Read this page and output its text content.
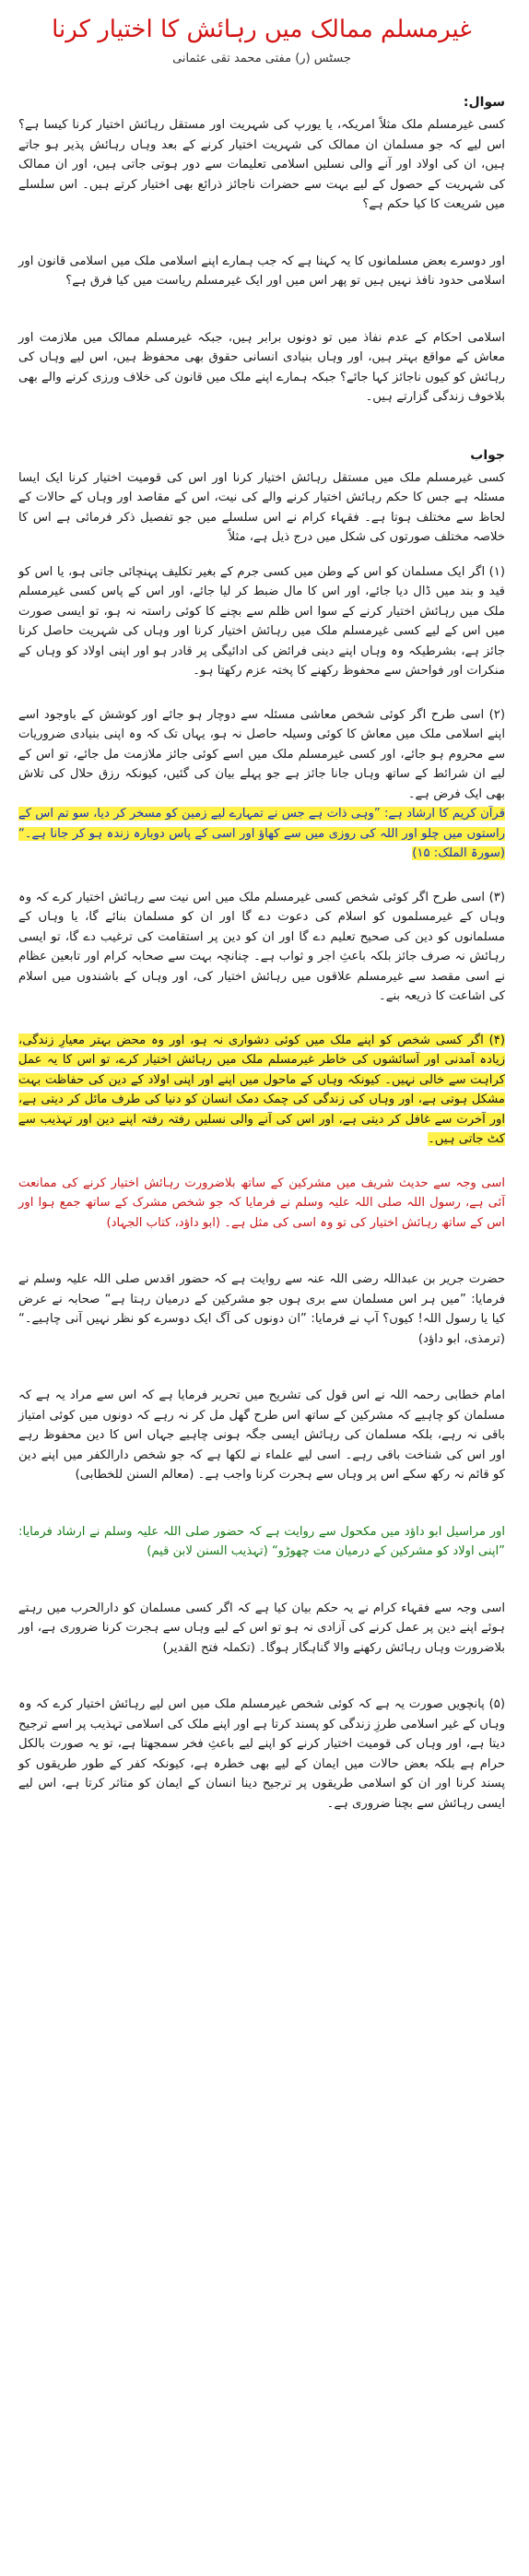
غیرمسلم ممالک میں رہائش کا اختیار کرنا
جسٹس (ر) مفتی محمد تقی عثمانی
سوال:

کسی غیرمسلم ملک مثلاً امریکہ، یا یورپ کی شہریت اور مستقل رہائش اختیار کرنا کیسا ہے؟ اس لیے کہ جو مسلمان ان ممالک کی شہریت اختیار کرنے کے بعد وہاں رہائش پذیر ہو جاتے ہیں، ان کی اولاد اور آنے والی نسلیں اسلامی تعلیمات سے دور ہوتی جاتی ہیں، اور ان ممالک کی شہریت کے حصول کے لیے بہت سے حضرات ناجائز ذرائع بھی اختیار کرتے ہیں۔ اس سلسلے میں شریعت کا کیا حکم ہے؟

اور دوسرے بعض مسلمانوں کا یہ کہنا ہے کہ جب ہمارے اپنے اسلامی ملک میں اسلامی قانون اور اسلامی حدود نافذ نہیں ہیں تو پھر اس میں اور ایک غیرمسلم ریاست میں کیا فرق ہے؟

اسلامی احکام کے عدم نفاذ میں تو دونوں برابر ہیں، جبکہ غیرمسلم ممالک میں ملازمت اور معاش کے مواقع بہتر ہیں، اور وہاں بنیادی انسانی حقوق بھی محفوظ ہیں، اس لیے وہاں کی رہائش کو کیوں ناجائز کہا جائے؟ جبکہ ہمارے اپنے ملک میں قانون کی خلاف ورزی کرنے والے بھی بلاخوف زندگی گزارتے ہیں۔

جواب

کسی غیرمسلم ملک میں مستقل رہائش اختیار کرنا اور اس کی قومیت اختیار کرنا ایک ایسا مسئلہ ہے جس کا حکم رہائش اختیار کرنے والے کی نیت، اس کے مقاصد اور وہاں کے حالات کے لحاظ سے مختلف ہوتا ہے۔ فقہاء کرام نے اس سلسلے میں جو تفصیل ذکر فرمائی ہے اس کا خلاصہ مختلف صورتوں کی شکل میں درج ذیل ہے، مثلاً

(۱) اگر ایک مسلمان کو اس کے وطن میں کسی جرم کے بغیر تکلیف پہنچائی جاتی ہو، یا اس کو قید و بند میں ڈال دیا جائے، اور اس کا مال ضبط کر لیا جائے، اور اس کے پاس کسی غیرمسلم ملک میں رہائش اختیار کرنے کے سوا اس ظلم سے بچنے کا کوئی راستہ نہ ہو، تو ایسی صورت میں اس کے لیے کسی غیرمسلم ملک میں رہائش اختیار کرنا اور وہاں کی شہریت حاصل کرنا جائز ہے، بشرطیکہ وہ وہاں اپنے دینی فرائض کی ادائیگی پر قادر ہو اور اپنی اولاد کو وہاں کے منکرات اور فواحش سے محفوظ رکھنے کا پختہ عزم رکھتا ہو۔

(۲) اسی طرح اگر کوئی شخص معاشی مسئلہ سے دوچار ہو جائے اور کوشش کے باوجود اسے اپنے اسلامی ملک میں معاش کا کوئی وسیلہ حاصل نہ ہو، یہاں تک کہ وہ اپنی بنیادی ضروریات سے محروم ہو جائے، اور کسی غیرمسلم ملک میں اسے کوئی جائز ملازمت مل جائے، تو اس کے لیے ان شرائط کے ساتھ وہاں جانا جائز ہے جو پہلے بیان کی گئیں، کیونکہ رزق حلال کی تلاش بھی ایک فرض ہے۔

قرآن کریم کا ارشاد ہے: ”وہی ذات ہے جس نے تمہارے لیے زمین کو مسخر کر دیا، سو تم اس کے راستوں میں چلو اور اللہ کی روزی میں سے کھاؤ اور اسی کے پاس دوبارہ زندہ ہو کر جانا ہے۔“ (سورۃ الملک: ۱۵)

(۳) اسی طرح اگر کوئی شخص کسی غیرمسلم ملک میں اس نیت سے رہائش اختیار کرے کہ وہ وہاں کے غیرمسلموں کو اسلام کی دعوت دے گا اور ان کو مسلمان بنائے گا، یا وہاں کے مسلمانوں کو دین کی صحیح تعلیم دے گا اور ان کو دین پر استقامت کی ترغیب دے گا، تو ایسی رہائش نہ صرف جائز بلکہ باعثِ اجر و ثواب ہے۔ چنانچہ بہت سے صحابہ کرام اور تابعین عظام نے اسی مقصد سے غیرمسلم علاقوں میں رہائش اختیار کی، اور وہاں کے باشندوں میں اسلام کی اشاعت کا ذریعہ بنے۔

(۴) اگر کسی شخص کو اپنے ملک میں کوئی دشواری نہ ہو، اور وہ محض بہتر معیارِ زندگی، زیادہ آمدنی اور آسائشوں کی خاطر غیرمسلم ملک میں رہائش اختیار کرے، تو اس کا یہ عمل کراہت سے خالی نہیں۔ کیونکہ وہاں کے ماحول میں اپنے اور اپنی اولاد کے دین کی حفاظت بہت مشکل ہوتی ہے، اور وہاں کی زندگی کی چمک دمک انسان کو دنیا کی طرف مائل کر دیتی ہے، اور آخرت سے غافل کر دیتی ہے، اور اس کی آنے والی نسلیں رفتہ رفتہ اپنے دین اور تہذیب سے کٹ جاتی ہیں۔

اسی وجہ سے حدیث شریف میں مشرکین کے ساتھ بلاضرورت رہائش اختیار کرنے کی ممانعت آئی ہے، رسول اللہ صلی اللہ علیہ وسلم نے فرمایا کہ جو شخص مشرک کے ساتھ جمع ہوا اور اس کے ساتھ رہائش اختیار کی تو وہ اسی کی مثل ہے۔ (ابو داؤد، کتاب الجہاد)

حضرت جریر بن عبداللہ رضی اللہ عنہ سے روایت ہے کہ حضور اقدس صلی اللہ علیہ وسلم نے فرمایا: ”میں ہر اس مسلمان سے بری ہوں جو مشرکین کے درمیان رہتا ہے“ صحابہ نے عرض کیا یا رسول اللہ! کیوں؟ آپ نے فرمایا: ”ان دونوں کی آگ ایک دوسرے کو نظر نہیں آنی چاہیے۔“ (ترمذی، ابو داؤد)

امام خطابی رحمہ اللہ نے اس قول کی تشریح میں تحریر فرمایا ہے کہ اس سے مراد یہ ہے کہ مسلمان کو چاہیے کہ مشرکین کے ساتھ اس طرح گھل مل کر نہ رہے کہ دونوں میں کوئی امتیاز باقی نہ رہے، بلکہ مسلمان کی رہائش ایسی جگہ ہونی چاہیے جہاں اس کا دین محفوظ رہے اور اس کی شناخت باقی رہے۔ اسی لیے علماء نے لکھا ہے کہ جو شخص دارالکفر میں اپنے دین کو قائم نہ رکھ سکے اس پر وہاں سے ہجرت کرنا واجب ہے۔ (معالم السنن للخطابی)

اور مراسیل ابو داؤد میں مکحول سے روایت ہے کہ حضور صلی اللہ علیہ وسلم نے ارشاد فرمایا: ”اپنی اولاد کو مشرکین کے درمیان مت چھوڑو“ (تہذیب السنن لابن قیم)

اسی وجہ سے فقہاء کرام نے یہ حکم بیان کیا ہے کہ اگر کسی مسلمان کو دارالحرب میں رہتے ہوئے اپنے دین پر عمل کرنے کی آزادی نہ ہو تو اس کے لیے وہاں سے ہجرت کرنا ضروری ہے، اور بلاضرورت وہاں رہائش رکھنے والا گناہگار ہوگا۔ (تکملہ فتح القدیر)

(۵) پانچویں صورت یہ ہے کہ کوئی شخص غیرمسلم ملک میں اس لیے رہائش اختیار کرے کہ وہ وہاں کے غیر اسلامی طرزِ زندگی کو پسند کرتا ہے اور اپنے ملک کی اسلامی تہذیب پر اسے ترجیح دیتا ہے، اور وہاں کی قومیت اختیار کرنے کو اپنے لیے باعثِ فخر سمجھتا ہے، تو یہ صورت بالکل حرام ہے بلکہ بعض حالات میں ایمان کے لیے بھی خطرہ ہے، کیونکہ کفر کے طور طریقوں کو پسند کرنا اور ان کو اسلامی طریقوں پر ترجیح دینا انسان کے ایمان کو متاثر کرتا ہے، اس لیے ایسی رہائش سے بچنا ضروری ہے۔
